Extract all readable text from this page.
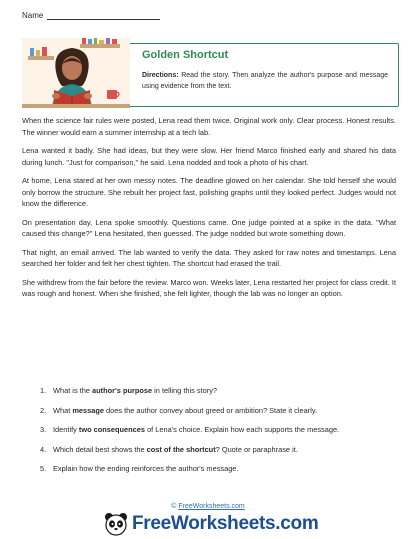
Name
Golden Shortcut
Directions: Read the story. Then analyze the author's purpose and message using evidence from the text.

When the science fair rules were posted, Lena read them twice. Original work only. Clear process. Honest results. The winner would earn a summer internship at a tech lab.

Lena wanted it badly. She had ideas, but they were slow. Her friend Marco finished early and shared his data during lunch. "Just for comparison," he said. Lena nodded and took a photo of his chart.

At home, Lena stared at her own messy notes. The deadline glowed on her calendar. She told herself she would only borrow the structure. She rebuilt her project fast, polishing graphs until they looked perfect. Judges would not know the difference.

On presentation day, Lena spoke smoothly. Questions came. One judge pointed at a spike in the data. "What caused this change?" Lena hesitated, then guessed. The judge nodded but wrote something down.

That night, an email arrived. The lab wanted to verify the data. They asked for raw notes and timestamps. Lena searched her folder and felt her chest tighten. The shortcut had erased the trail.

She withdrew from the fair before the review. Marco won. Weeks later, Lena restarted her project for class credit. It was rough and honest. When she finished, she felt lighter, though the lab was no longer an option.

1. What is the author's purpose in telling this story?
2. What message does the author convey about greed or ambition? State it clearly.
3. Identify two consequences of Lena's choice. Explain how each supports the message.
4. Which detail best shows the cost of the shortcut? Quote or paraphrase it.
5. Explain how the ending reinforces the author's message.
© FreeWorksheets.com
FreeWorksheets.com
